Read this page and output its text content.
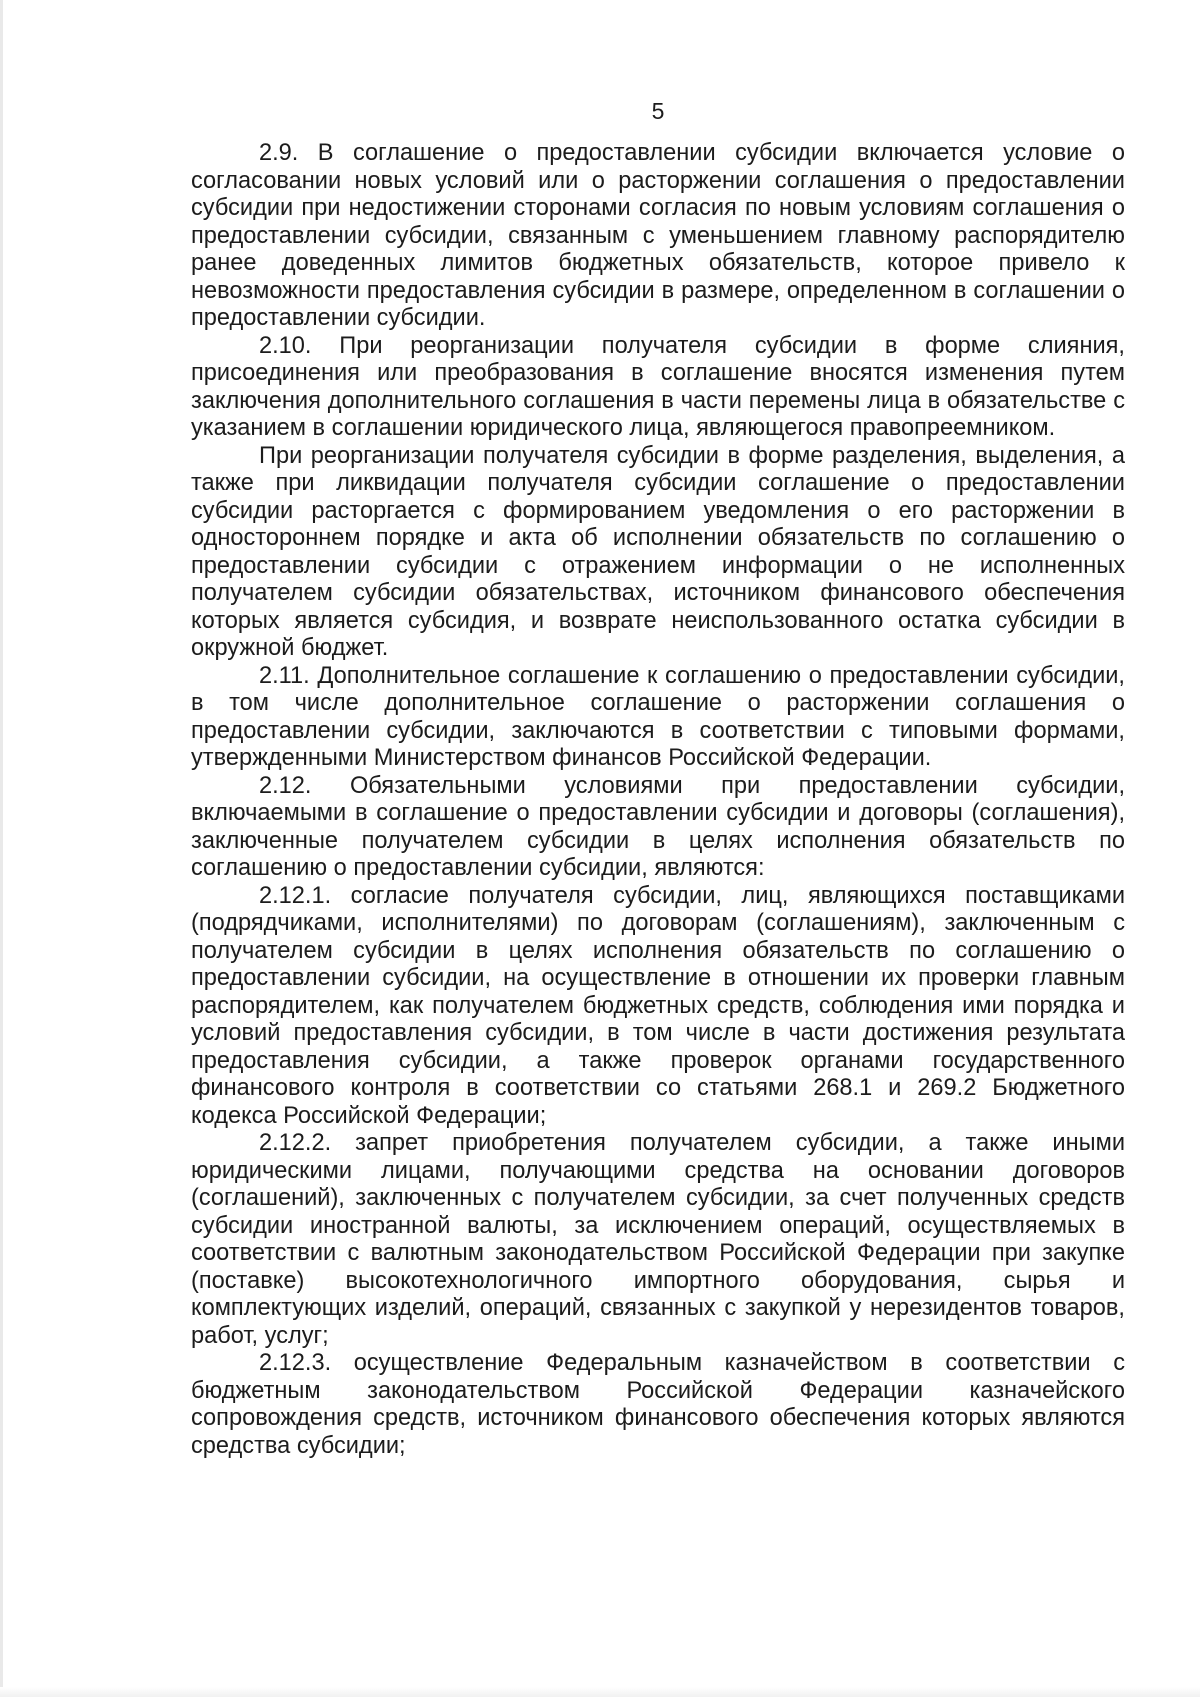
5

2.9. В соглашение о предоставлении субсидии включается условие о согласовании новых условий или о расторжении соглашения о предоставлении субсидии при недостижении сторонами согласия по новым условиям соглашения о предоставлении субсидии, связанным с уменьшением главному распорядителю ранее доведенных лимитов бюджетных обязательств, которое привело к невозможности предоставления субсидии в размере, определенном в соглашении о предоставлении субсидии.

2.10. При реорганизации получателя субсидии в форме слияния, присоединения или преобразования в соглашение вносятся изменения путем заключения дополнительного соглашения в части перемены лица в обязательстве с указанием в соглашении юридического лица, являющегося правопреемником.

При реорганизации получателя субсидии в форме разделения, выделения, а также при ликвидации получателя субсидии соглашение о предоставлении субсидии расторгается с формированием уведомления о его расторжении в одностороннем порядке и акта об исполнении обязательств по соглашению о предоставлении субсидии с отражением информации о не исполненных получателем субсидии обязательствах, источником финансового обеспечения которых является субсидия, и возврате неиспользованного остатка субсидии в окружной бюджет.

2.11. Дополнительное соглашение к соглашению о предоставлении субсидии, в том числе дополнительное соглашение о расторжении соглашения о предоставлении субсидии, заключаются в соответствии с типовыми формами, утвержденными Министерством финансов Российской Федерации.

2.12. Обязательными условиями при предоставлении субсидии, включаемыми в соглашение о предоставлении субсидии и договоры (соглашения), заключенные получателем субсидии в целях исполнения обязательств по соглашению о предоставлении субсидии, являются:

2.12.1. согласие получателя субсидии, лиц, являющихся поставщиками (подрядчиками, исполнителями) по договорам (соглашениям), заключенным с получателем субсидии в целях исполнения обязательств по соглашению о предоставлении субсидии, на осуществление в отношении их проверки главным распорядителем, как получателем бюджетных средств, соблюдения ими порядка и условий предоставления субсидии, в том числе в части достижения результата предоставления субсидии, а также проверок органами государственного финансового контроля в соответствии со статьями 268.1 и 269.2 Бюджетного кодекса Российской Федерации;

2.12.2. запрет приобретения получателем субсидии, а также иными юридическими лицами, получающими средства на основании договоров (соглашений), заключенных с получателем субсидии, за счет полученных средств субсидии иностранной валюты, за исключением операций, осуществляемых в соответствии с валютным законодательством Российской Федерации при закупке (поставке) высокотехнологичного импортного оборудования, сырья и комплектующих изделий, операций, связанных с закупкой у нерезидентов товаров, работ, услуг;

2.12.3. осуществление Федеральным казначейством в соответствии с бюджетным законодательством Российской Федерации казначейского сопровождения средств, источником финансового обеспечения которых являются средства субсидии;
